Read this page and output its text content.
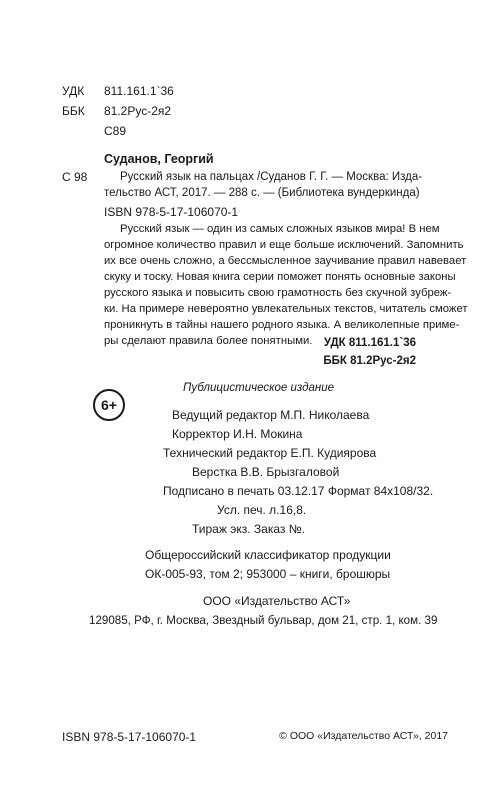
УДК 811.161.1`36
ББК 81.2Рус-2я2
С89
Суданов, Георгий
С 98	Русский язык на пальцах /Суданов Г. Г. — Москва: Изда-
тельство АСТ, 2017. — 288 с. — (Библиотека вундеркинда)
ISBN 978-5-17-106070-1
Русский язык — один из самых сложных языков мира! В нем
огромное количество правил и еще больше исключений. Запомнить
их все очень сложно, а бессмысленное заучивание правил навевает
скуку и тоску. Новая книга серии поможет понять основные законы
русского языка и повысить свою грамотность без скучной зубреж-
ки. На примере невероятно увлекательных текстов, читатель сможет
проникнуть в тайны нашего родного языка. А великолепные приме-
ры сделают правила более понятными. УДК 811.161.1`36
ББК 81.2Рус-2я2
6+
Публицистическое издание
Ведущий редактор М.П. Николаева
Корректор И.Н. Мокина
Технический редактор Е.П. Кудиярова
Верстка В.В. Брызгаловой
Подписано в печать 03.12.17 Формат 84х108/32.
Усл. печ. л.16,8.
Тираж экз. Заказ №.
Общероссийский классификатор продукции
ОК-005-93, том 2; 953000 – книги, брошюры
ООО «Издательство АСТ»
129085, РФ, г. Москва, Звездный бульвар, дом 21, стр. 1, ком. 39
ISBN 978-5-17-106070-1	© ООО «Издательство АСТ», 2017
